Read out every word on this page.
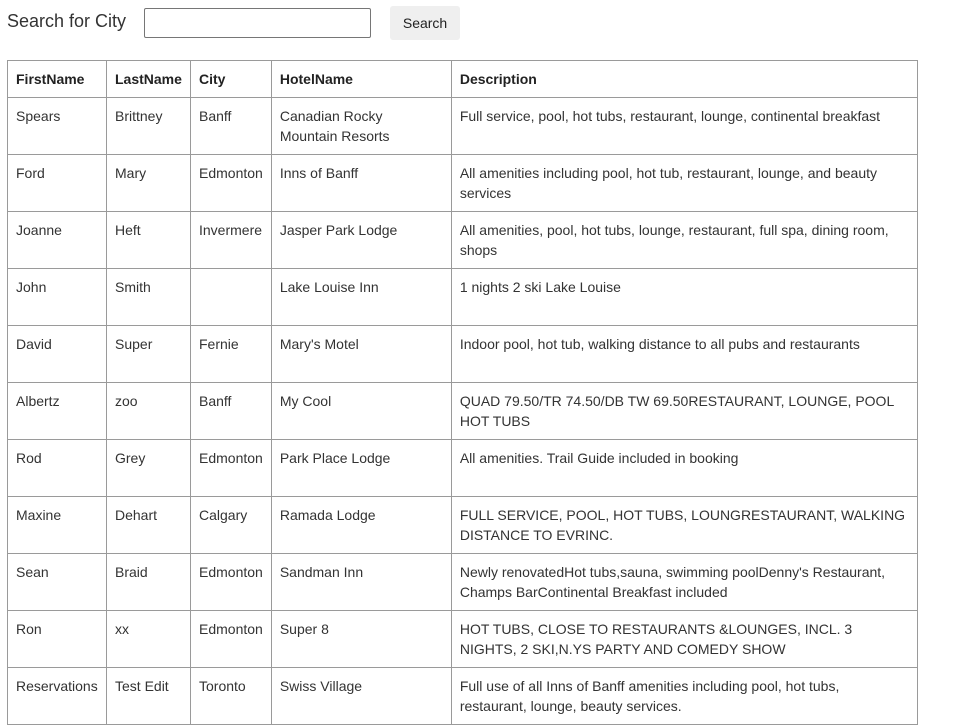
Search for City	Search
FirstName	LastName	City	HotelName	Description
Spears	Brittney	Banff	Canadian Rocky Mountain Resorts	Full service, pool, hot tubs, restaurant, lounge, continental breakfast
Ford	Mary	Edmonton	Inns of Banff	All amenities including pool, hot tub, restaurant, lounge, and beauty services
Joanne	Heft	Invermere	Jasper Park Lodge	All amenities, pool, hot tubs, lounge, restaurant, full spa, dining room, shops
John	Smith		Lake Louise Inn	1 nights 2 ski Lake Louise
David	Super	Fernie	Mary's Motel	Indoor pool, hot tub, walking distance to all pubs and restaurants
Albertz	zoo	Banff	My Cool	QUAD 79.50/TR 74.50/DB TW 69.50RESTAURANT, LOUNGE, POOL HOT TUBS
Rod	Grey	Edmonton	Park Place Lodge	All amenities. Trail Guide included in booking
Maxine	Dehart	Calgary	Ramada Lodge	FULL SERVICE, POOL, HOT TUBS, LOUNGRESTAURANT, WALKING DISTANCE TO EVRINC.
Sean	Braid	Edmonton	Sandman Inn	Newly renovatedHot tubs,sauna, swimming poolDenny's Restaurant, Champs BarContinental Breakfast included
Ron	xx	Edmonton	Super 8	HOT TUBS, CLOSE TO RESTAURANTS &LOUNGES, INCL. 3 NIGHTS, 2 SKI,N.YS PARTY AND COMEDY SHOW
Reservations	Test Edit	Toronto	Swiss Village	Full use of all Inns of Banff amenities including pool, hot tubs, restaurant, lounge, beauty services.
